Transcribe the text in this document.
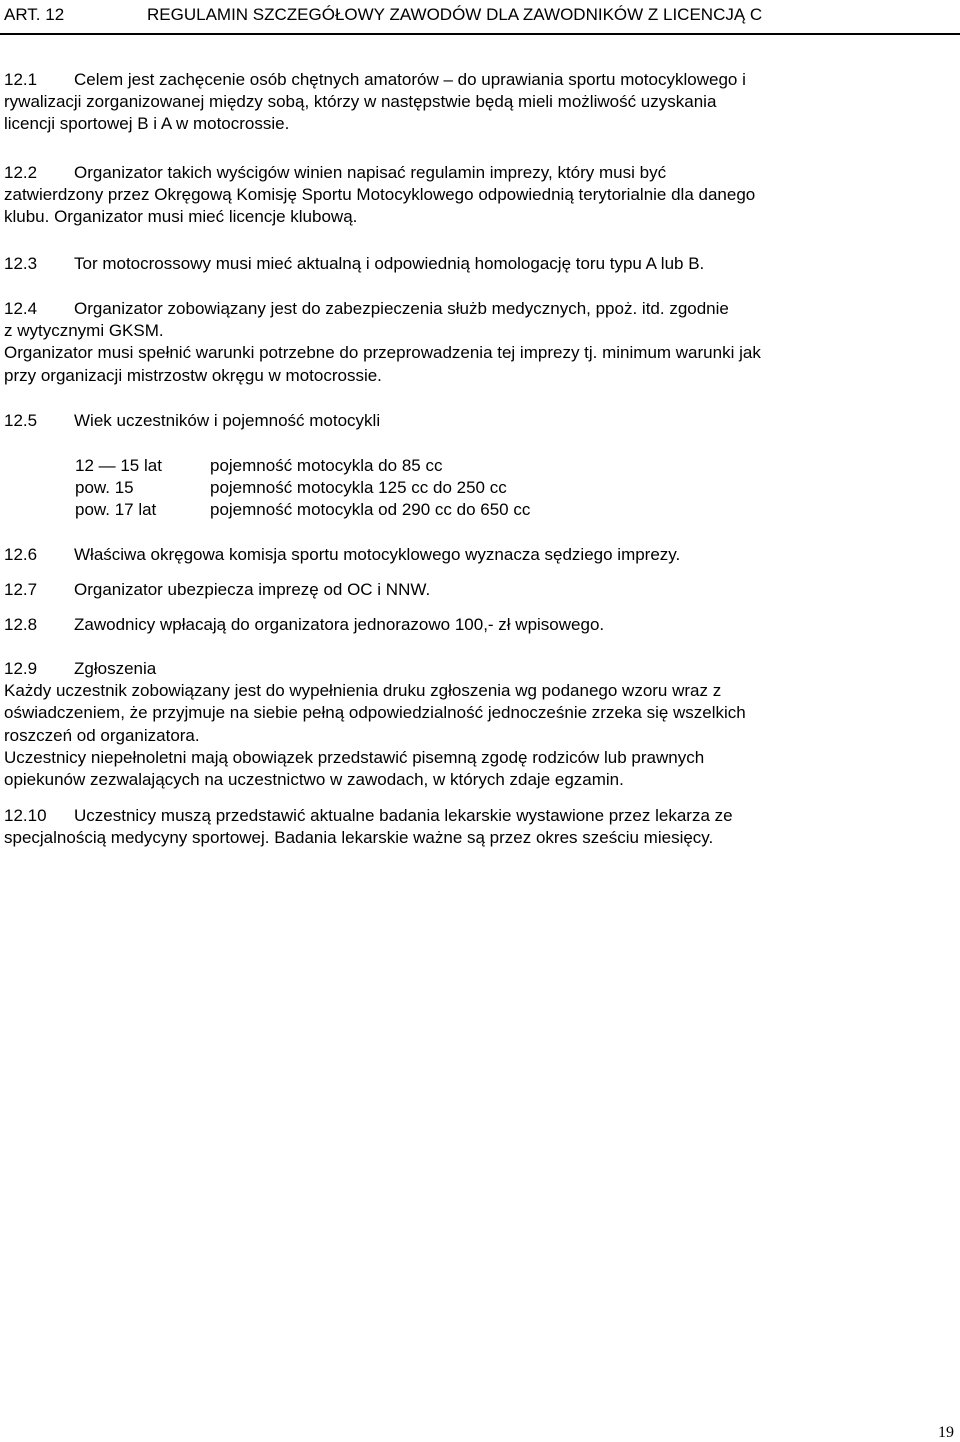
ART. 12	REGULAMIN SZCZEGÓŁOWY ZAWODÓW DLA ZAWODNIKÓW Z LICENCJĄ C
12.1 Celem jest zachęcenie osób chętnych amatorów – do uprawiania sportu motocyklowego i
rywalizacji zorganizowanej między sobą, którzy w następstwie będą mieli możliwość uzyskania
licencji sportowej B i A w motocrossie.
12.2 Organizator takich wyścigów winien napisać regulamin imprezy, który musi być
zatwierdzony przez Okręgową Komisję Sportu Motocyklowego odpowiednią terytorialnie dla danego
klubu. Organizator musi mieć licencje klubową.
12.3 Tor motocrossowy musi mieć aktualną i odpowiednią homologację toru typu A lub B.
12.4 Organizator zobowiązany jest do zabezpieczenia służb medycznych, ppoż. itd. zgodnie
z wytycznymi GKSM.
Organizator musi spełnić warunki potrzebne do przeprowadzenia tej imprezy tj. minimum warunki jak
przy organizacji mistrzostw okręgu w motocrossie.
12.5 Wiek uczestników i pojemność motocykli
12 — 15 lat	pojemność motocykla do 85 cc
pow. 15	pojemność motocykla 125 cc do 250 cc
pow. 17 lat	pojemność motocykla od 290 cc do 650 cc
12.6 Właściwa okręgowa komisja sportu motocyklowego wyznacza sędziego imprezy.
12.7 Organizator ubezpiecza imprezę od OC i NNW.
12.8 Zawodnicy wpłacają do organizatora jednorazowo 100,- zł wpisowego.
12.9 Zgłoszenia
Każdy uczestnik zobowiązany jest do wypełnienia druku zgłoszenia wg podanego wzoru wraz z
oświadczeniem, że przyjmuje na siebie pełną odpowiedzialność jednocześnie zrzeka się wszelkich
roszczeń od organizatora.
Uczestnicy niepełnoletni mają obowiązek przedstawić pisemną zgodę rodziców lub prawnych
opiekunów zezwalających na uczestnictwo w zawodach, w których zdaje egzamin.
12.10 Uczestnicy muszą przedstawić aktualne badania lekarskie wystawione przez lekarza ze
specjalnością medycyny sportowej. Badania lekarskie ważne są przez okres sześciu miesięcy.
19
